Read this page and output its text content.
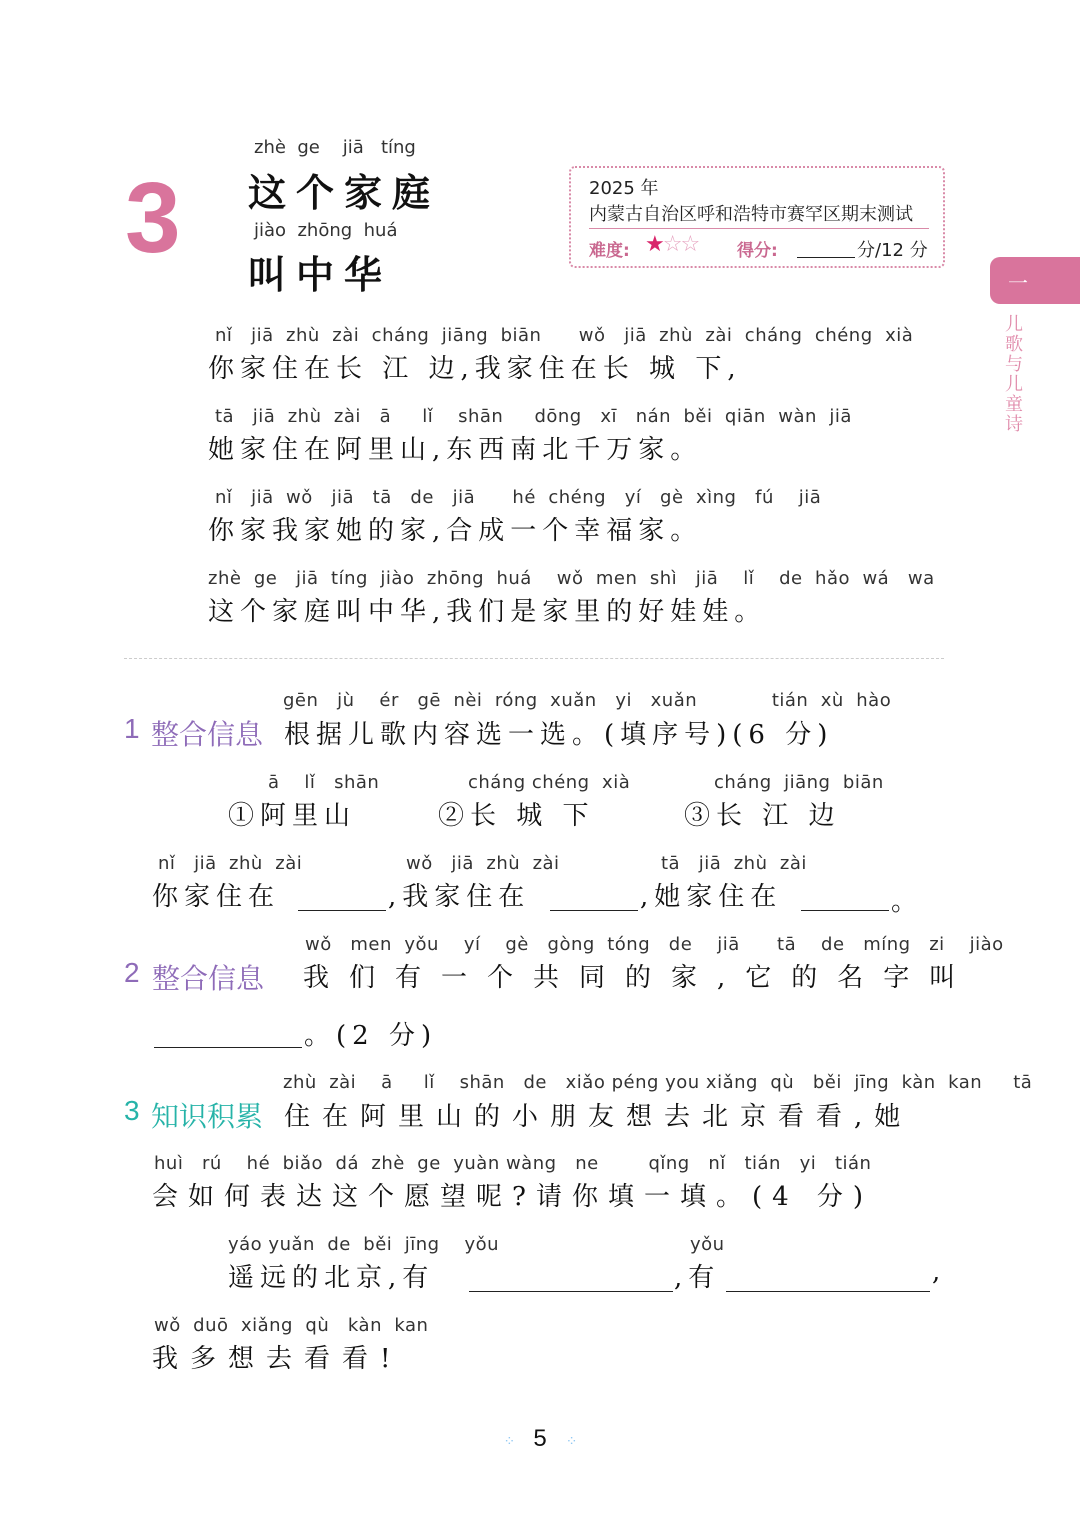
3
zhè  ge    jiā   tíng
这个家庭
jiào  zhōng  huá
叫中华
2025 年
内蒙古自治区呼和浩特市赛罕区期末测试
难度: ★☆☆ 得分:	分/12 分
一
儿歌与儿童诗
nǐ   jiā  zhù  zài  cháng  jiāng  biān      wǒ   jiā  zhù  zài  cháng  chéng  xià
你家住在长 江 边,我家住在长 城 下,
tā   jiā  zhù  zài   ā     lǐ    shān     dōng   xī   nán  běi  qiān  wàn  jiā
她家住在阿里山,东西南北千万家。
nǐ   jiā  wǒ   jiā   tā   de   jiā      hé  chéng   yí   gè  xìng   fú    jiā
你家我家她的家,合成一个幸福家。
zhè  ge   jiā  tíng  jiào  zhōng  huá    wǒ  men  shì   jiā    lǐ    de  hǎo  wá   wa
这个家庭叫中华,我们是家里的好娃娃。
gēn   jù    ér   gē  nèi  róng  xuǎn   yi   xuǎn            tián  xù  hào
1 整合信息 根据儿歌内容选一选。(填序号)(6 分)
ā    lǐ   shān
①阿里山
cháng chéng  xià
②长 城 下
cháng  jiāng  biān
③长 江 边
nǐ   jiā  zhù  zài
你家住在
wǒ   jiā  zhù  zài
,我家住在
tā   jiā  zhù  zài
,她家住在	。
wǒ   men  yǒu    yí    gè   gòng  tóng   de    jiā      tā    de   míng   zi    jiào
2 整合信息 我们有一个共同的家,它的名字叫
。(2 分)
zhù  zài    ā     lǐ    shān   de   xiǎo péng you xiǎng  qù   běi  jīng  kàn  kan     tā
3 知识积累 住在阿里山的小朋友想去北京看看,她
huì   rú    hé  biǎo  dá  zhè  ge  yuàn wàng   ne        qǐng   nǐ   tián   yi   tián
会如何表达这个愿望呢?请你填一填。(4 分)
yáo yuǎn  de  běi  jīng    yǒu
遥远的北京,有
yǒu
,有	,
wǒ  duō  xiǎng  qù   kàn  kan
我多想去看看!
⁘ 5 ⁘
